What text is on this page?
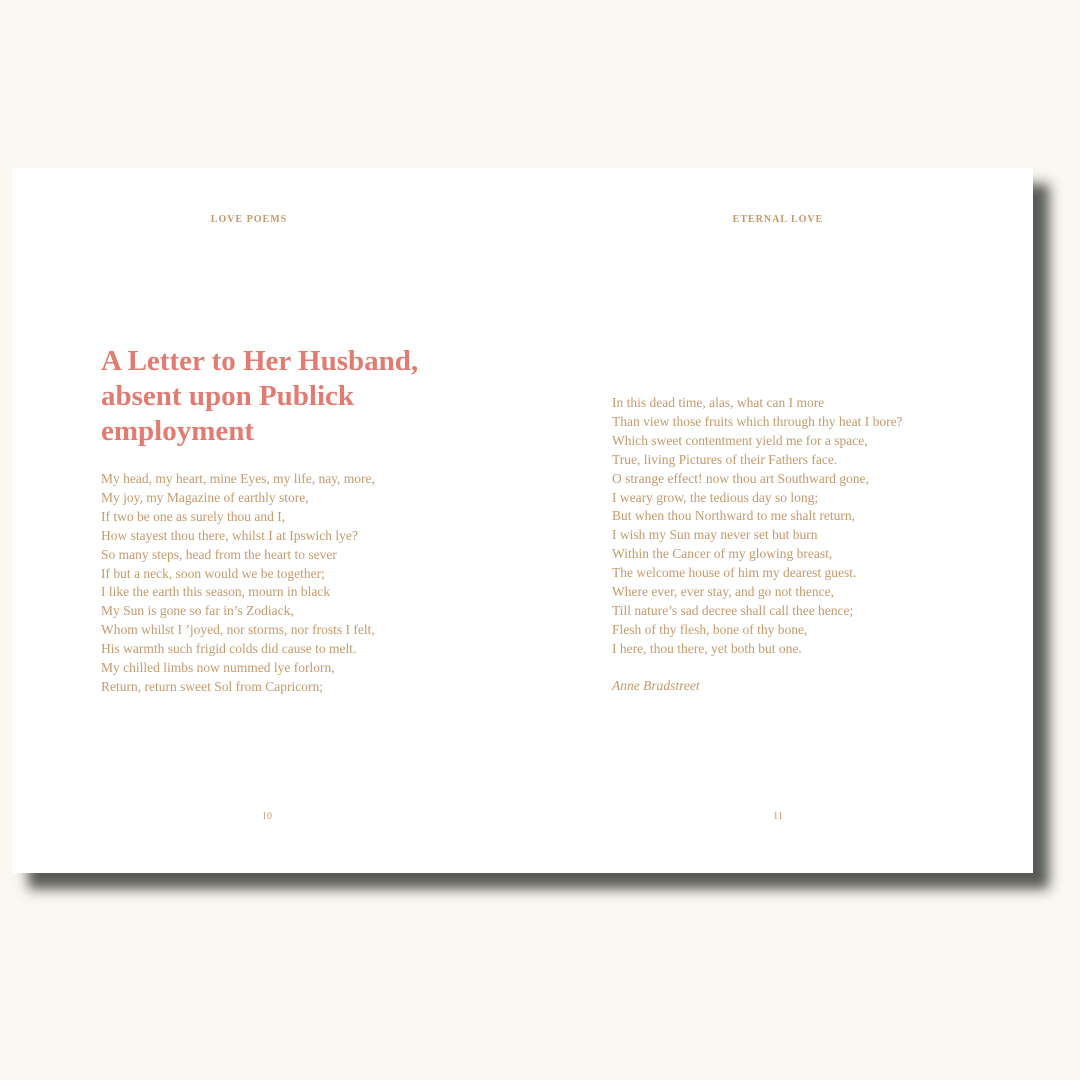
LOVE POEMS
A Letter to Her Husband,
absent upon Publick
employment
My head, my heart, mine Eyes, my life, nay, more,
My joy, my Magazine of earthly store,
If two be one as surely thou and I,
How stayest thou there, whilst I at Ipswich lye?
So many steps, head from the heart to sever
If but a neck, soon would we be together;
I like the earth this season, mourn in black
My Sun is gone so far in’s Zodiack,
Whom whilst I ’joyed, nor storms, nor frosts I felt,
His warmth such frigid colds did cause to melt.
My chilled limbs now nummed lye forlorn,
Return, return sweet Sol from Capricorn;
10
ETERNAL LOVE
In this dead time, alas, what can I more
Than view those fruits which through thy heat I bore?
Which sweet contentment yield me for a space,
True, living Pictures of their Fathers face.
O strange effect! now thou art Southward gone,
I weary grow, the tedious day so long;
But when thou Northward to me shalt return,
I wish my Sun may never set but burn
Within the Cancer of my glowing breast,
The welcome house of him my dearest guest.
Where ever, ever stay, and go not thence,
Till nature’s sad decree shall call thee hence;
Flesh of thy flesh, bone of thy bone,
I here, thou there, yet both but one.
Anne Bradstreet
11
